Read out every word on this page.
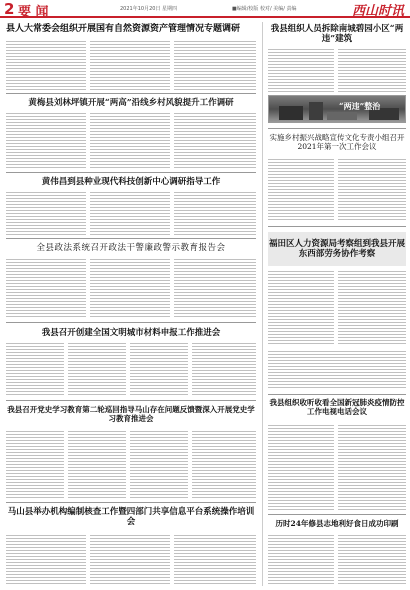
2 要 闻	2021年10月20日 星期四	■编辑/校版 校对/ 美编/ 责编	西山时讯
县人大常委会组织开展国有自然资源资产管理情况专题调研
黄梅县刘林坪镇开展“两高”沿线乡村风貌提升工作调研
黄伟昌到县种业现代科技创新中心调研指导工作
全县政法系统召开政法干警廉政警示教育报告会
我县召开创建全国文明城市材料申报工作推进会
我县召开党史学习教育第二轮巡回指导马山存在问题反馈暨深入开展党史学习教育推进会
马山县举办机构编制核查工作暨四部门共享信息平台系统操作培训会
我县组织人员拆除南城碧园小区“两违”建筑
“两违”整治
实施乡村振兴战略宣传文化专责小组召开2021年第一次工作会议
福田区人力资源局考察组到我县开展东西部劳务协作考察
我县组织收听收看全国新冠肺炎疫情防控工作电视电话会议
历时24年修县志地利好食日成功印刷
